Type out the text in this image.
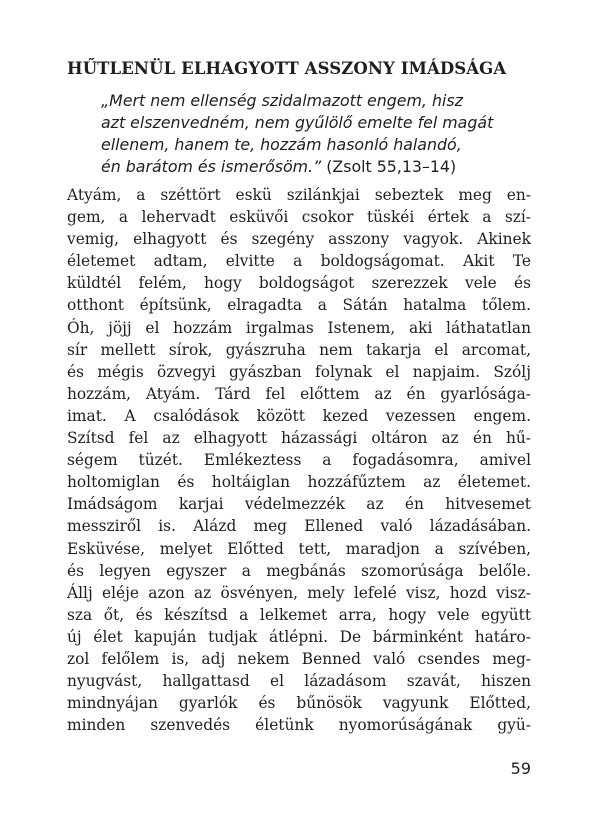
HŰTLENÜL ELHAGYOTT ASSZONY IMÁDSÁGA
„Mert nem ellenség szidalmazott engem, hisz
azt elszenvedném, nem gyűlölő emelte fel magát
ellenem, hanem te, hozzám hasonló halandó,
én barátom és ismerősöm.” (Zsolt 55,13–14)
Atyám, a széttört eskü szilánkjai sebeztek meg en-
gem, a lehervadt esküvői csokor tüskéi értek a szí-
vemig, elhagyott és szegény asszony vagyok. Akinek
életemet adtam, elvitte a boldogságomat. Akit Te
küldtél felém, hogy boldogságot szerezzek vele és
otthont építsünk, elragadta a Sátán hatalma tőlem.
Óh, jöjj el hozzám irgalmas Istenem, aki láthatatlan
sír mellett sírok, gyászruha nem takarja el arcomat,
és mégis özvegyi gyászban folynak el napjaim. Szólj
hozzám, Atyám. Tárd fel előttem az én gyarlósága-
imat. A csalódások között kezed vezessen engem.
Szítsd fel az elhagyott házassági oltáron az én hű-
ségem tüzét. Emlékeztess a fogadásomra, amivel
holtomiglan és holtáiglan hozzáfűztem az életemet.
Imádságom karjai védelmezzék az én hitvesemet
messziről is. Alázd meg Ellened való lázadásában.
Esküvése, melyet Előtted tett, maradjon a szívében,
és legyen egyszer a megbánás szomorúsága belőle.
Állj eléje azon az ösvényen, mely lefelé visz, hozd visz-
sza őt, és készítsd a lelkemet arra, hogy vele együtt
új élet kapuján tudjak átlépni. De bárminként határo-
zol felőlem is, adj nekem Benned való csendes meg-
nyugvást, hallgattasd el lázadásom szavát, hiszen
mindnyájan gyarlók és bűnösök vagyunk Előtted,
minden szenvedés életünk nyomorúságának gyü-
59
